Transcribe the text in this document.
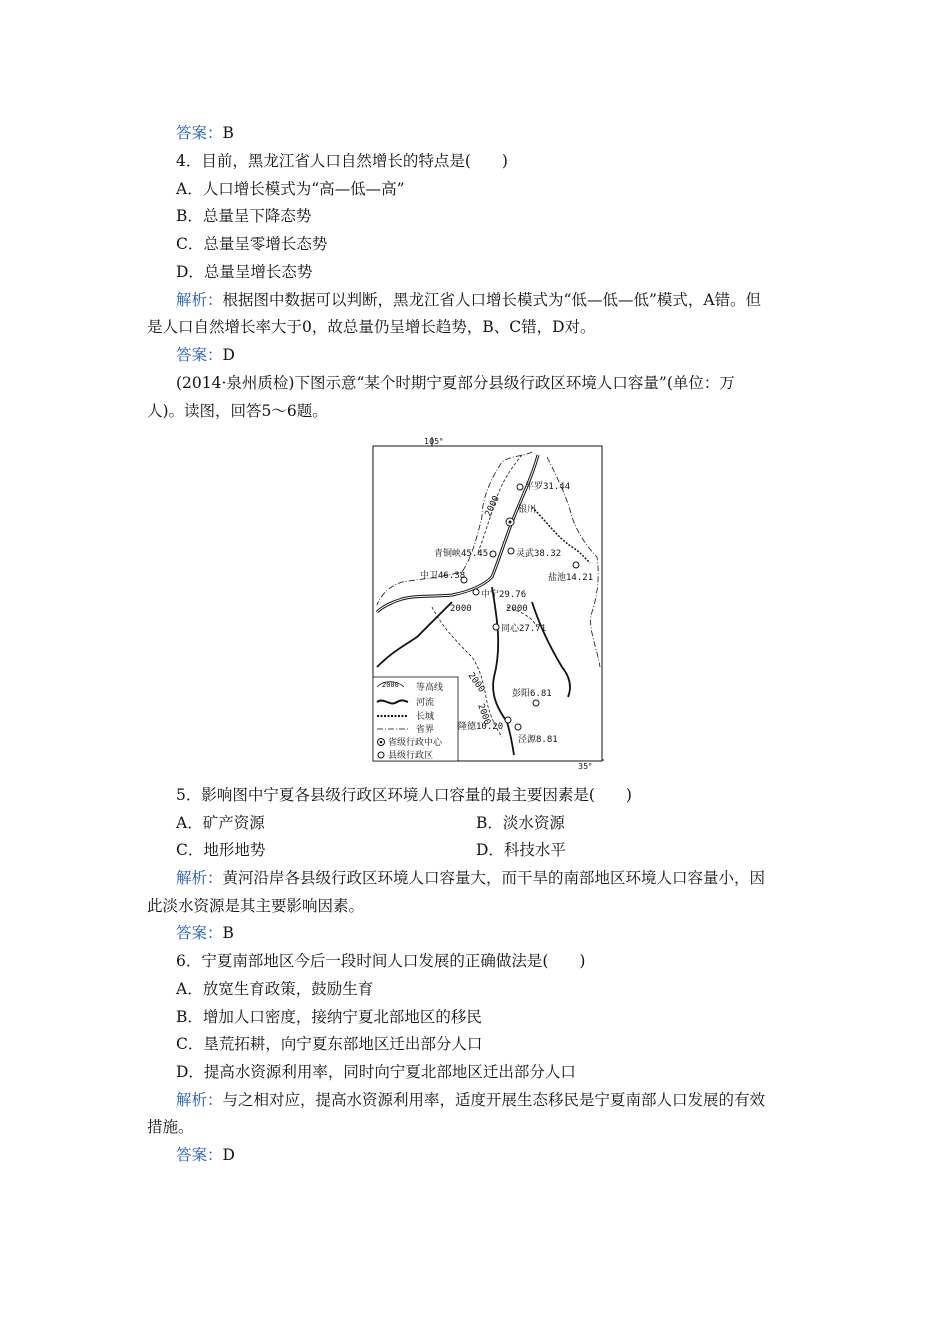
答案：B
4．目前，黑龙江省人口自然增长的特点是(　　)
A．人口增长模式为“高—低—高”
B．总量呈下降态势
C．总量呈零增长态势
D．总量呈增长态势
解析：根据图中数据可以判断，黑龙江省人口增长模式为“低—低—低”模式，A错。但
是人口自然增长率大于0，故总量仍呈增长趋势，B、C错，D对。
答案：D
(2014·泉州质检)下图示意“某个时期宁夏部分县级行政区环境人口容量”(单位：万
人)。读图，回答5～6题。
105°
35°
2000
2000	2000
2000
2000
平罗31.44
银川
青铜峡45.45	灵武38.32
盐池14.21
中卫46.38
中宁29.76
同心27.71
彭阳6.81
隆德10.20
泾源8.81
2000 等高线
河流
长城
省界
省级行政中心
县级行政区
5．影响图中宁夏各县级行政区环境人口容量的最主要因素是(　　)
A．矿产资源	B．淡水资源
C．地形地势	D．科技水平
解析：黄河沿岸各县级行政区环境人口容量大，而干旱的南部地区环境人口容量小，因
此淡水资源是其主要影响因素。
答案：B
6．宁夏南部地区今后一段时间人口发展的正确做法是(　　)
A．放宽生育政策，鼓励生育
B．增加人口密度，接纳宁夏北部地区的移民
C．垦荒拓耕，向宁夏东部地区迁出部分人口
D．提高水资源利用率，同时向宁夏北部地区迁出部分人口
解析：与之相对应，提高水资源利用率，适度开展生态移民是宁夏南部人口发展的有效
措施。
答案：D
